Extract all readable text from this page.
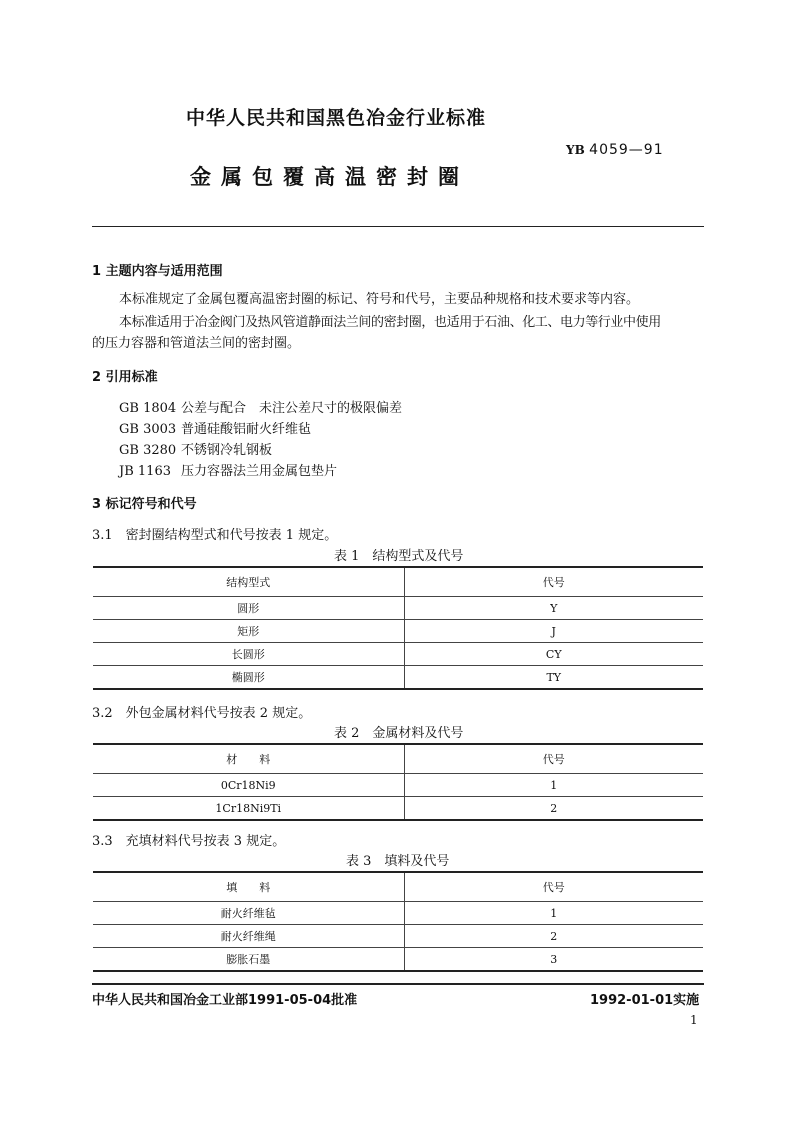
中华人民共和国黑色冶金行业标准
YB 4059—91
金属包覆高温密封圈
1 主题内容与适用范围
本标准规定了金属包覆高温密封圈的标记、符号和代号，主要品种规格和技术要求等内容。
本标准适用于冶金阀门及热风管道静面法兰间的密封圈，也适用于石油、化工、电力等行业中使用
的压力容器和管道法兰间的密封圈。
2 引用标准
GB 1804 公差与配合　未注公差尺寸的极限偏差
GB 3003 普通硅酸铝耐火纤维毡
GB 3280 不锈钢冷轧钢板
JB 1163 压力容器法兰用金属包垫片
3 标记符号和代号
3.1　密封圈结构型式和代号按表 1 规定。
表 1　结构型式及代号
结构型式	代号
圆形	Y
矩形	J
长圆形	CY
椭圆形	TY
3.2　外包金属材料代号按表 2 规定。
表 2　金属材料及代号
材　　料	代号
0Cr18Ni9	1
1Cr18Ni9Ti	2
3.3　充填材料代号按表 3 规定。
表 3　填料及代号
填　　料	代号
耐火纤维毡	1
耐火纤维绳	2
膨胀石墨	3
中华人民共和国冶金工业部1991-05-04批准	1992-01-01实施
1
